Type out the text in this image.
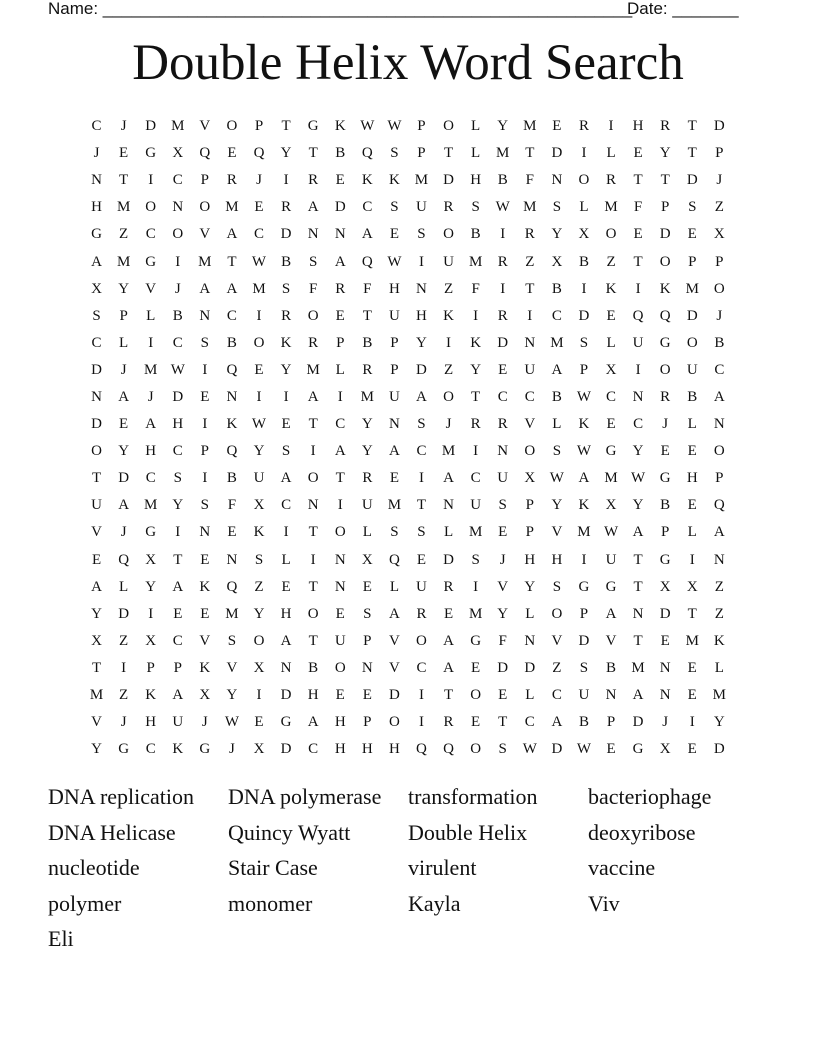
Name: ________________________________________________________

Date: _______

Double Helix Word Search
C	J	D M V	O	P	T	G	K W W	P	O	L	Y M	E	R	I	H	R	T	D
J	E	G	X	Q	E	Q	Y	T	B	Q	S	P	T	L	M	T	D	I	L	E	Y	T	P
N	T	I	C	P	R	J	I	R	E	K	K M D	H	B	F	N	O	R	T	T	D	J
H M O	N	O M	E	R	A	D	C	S	U	R	S	W M	S	L	M	F	P	S	Z
G	Z	C	O	V	A	C	D	N	N	A	E	S	O	B	I	R	Y	X	O	E	D	E	X
A M G	I	M	T	W B	S	A	Q W	I	U M	R	Z	X	B	Z	T	O	P	P
X	Y	V	J	A	A M	S	F	R	F	H	N	Z	F	I	T	B	I	K	I	K M O
S	P	L	B	N	C	I	R	O	E	T	U	H	K	I	R	I	C	D	E	Q	Q	D	J
C	L	I	C	S	B	O	K	R	P	B	P	Y	I	K	D	N M	S	L	U	G	O	B
D	J	M W	I	Q	E	Y M	L	R	P	D	Z	Y	E	U	A	P	X	I	O	U	C
N	A	J	D	E	N	I	I	A	I	M U	A	O	T	C	C	B W C	N	R	B	A
D	E	A	H	I	K W	E	T	C	Y	N	S	J	R	R	V	L	K	E	C	J	L	N
O	Y	H	C	P	Q	Y	S	I	A	Y	A	C	M	I	N	O	S	W G	Y	E	E	O
T	D	C	S	I	B	U	A	O	T	R	E	I	A	C	U	X W A M W G	H	P
U	A M Y	S	F	X	C	N	I	U M	T	N	U	S	P	Y	K	X	Y	B	E	Q
V	J	G	I	N	E	K	I	T	O	L	S	S	L	M	E	P	V M W A	P	L	A
E	Q	X	T	E	N	S	L	I	N	X	Q	E	D	S	J	H	H	I	U	T	G	I	N
A	L	Y	A	K	Q	Z	E	T	N	E	L	U	R	I	V	Y	S	G	G	T	X	X	Z
Y	D	I	E	E	M Y	H	O	E	S	A	R	E	M Y	L	O	P	A	N	D	T	Z
X	Z	X	C	V	S	O	A	T	U	P	V	O	A	G	F	N	V	D	V	T	E	M K
T	I	P	P	K	V	X	N	B	O	N	V	C	A	E	D	D	Z	S	B	M N	E	L
M	Z	K	A	X	Y	I	D	H	E	E	D	I	T	O	E	L	C	U	N	A	N	E	M
V	J	H	U	J	W	E	G	A	H	P	O	I	R	E	T	C	A	B	P	D	J	I	Y
Y	G	C	K	G	J	X	D	C	H	H	H	Q	Q	O	S	W D W	E	G	X	E	D
DNA replication	DNA polymerase	transformation	bacteriophage
DNA Helicase	Quincy Wyatt	Double Helix	deoxyribose
nucleotide	Stair Case	virulent	vaccine
polymer	monomer	Kayla	Viv
Eli
